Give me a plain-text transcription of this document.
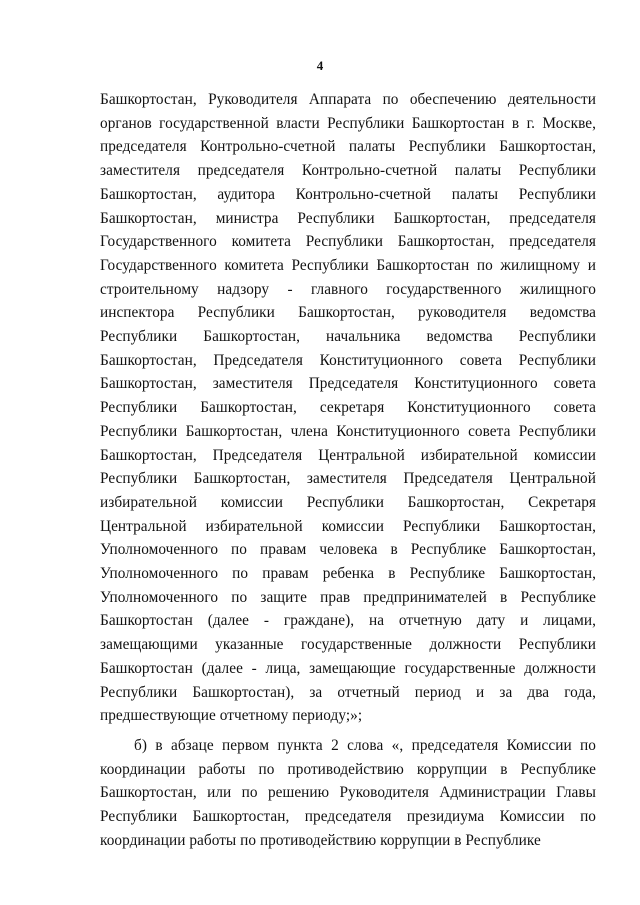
4

Башкортостан, Руководителя Аппарата по обеспечению деятельности органов государственной власти Республики Башкортостан в г. Москве, председателя Контрольно-счетной палаты Республики Башкортостан, заместителя председателя Контрольно-счетной палаты Республики Башкортостан, аудитора Контрольно-счетной палаты Республики Башкортостан, министра Республики Башкортостан, председателя Государственного комитета Республики Башкортостан, председателя Государственного комитета Республики Башкортостан по жилищному и строительному надзору - главного государственного жилищного инспектора Республики Башкортостан, руководителя ведомства Республики Башкортостан, начальника ведомства Республики Башкортостан, Председателя Конституционного совета Республики Башкортостан, заместителя Председателя Конституционного совета Республики Башкортостан, секретаря Конституционного совета Республики Башкортостан, члена Конституционного совета Республики Башкортостан, Председателя Центральной избирательной комиссии Республики Башкортостан, заместителя Председателя Центральной избирательной комиссии Республики Башкортостан, Секретаря Центральной избирательной комиссии Республики Башкортостан, Уполномоченного по правам человека в Республике Башкортостан, Уполномоченного по правам ребенка в Республике Башкортостан, Уполномоченного по защите прав предпринимателей в Республике Башкортостан (далее - граждане), на отчетную дату и лицами, замещающими указанные государственные должности Республики Башкортостан (далее - лица, замещающие государственные должности Республики Башкортостан), за отчетный период и за два года, предшествующие отчетному периоду;»;

б) в абзаце первом пункта 2 слова «, председателя Комиссии по координации работы по противодействию коррупции в Республике Башкортостан, или по решению Руководителя Администрации Главы Республики Башкортостан, председателя президиума Комиссии по координации работы по противодействию коррупции в Республике
